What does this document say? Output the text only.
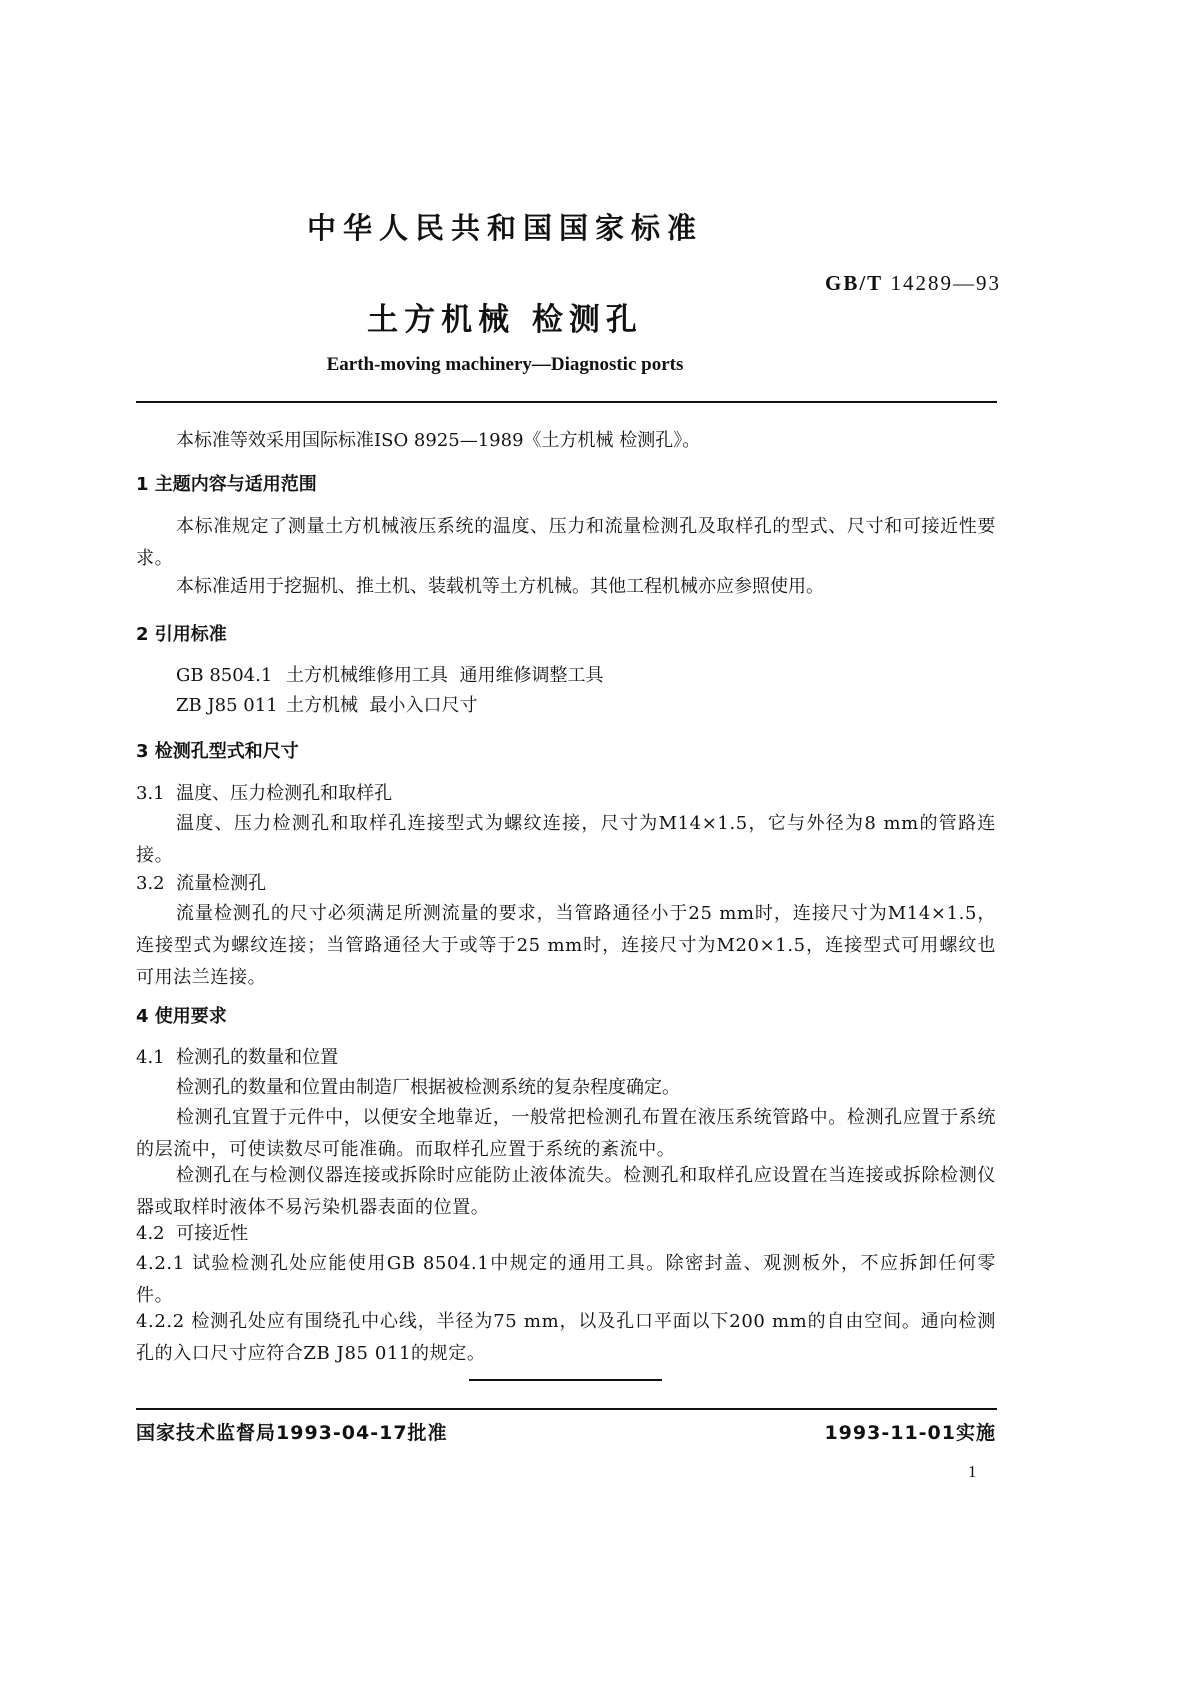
中华人民共和国国家标准
GB/T 14289—93
土方机械 检测孔
Earth-moving machinery—Diagnostic ports
本标准等效采用国际标准ISO 8925—1989《土方机械 检测孔》。
1 主题内容与适用范围
本标准规定了测量土方机械液压系统的温度、压力和流量检测孔及取样孔的型式、尺寸和可接近性要求。
本标准适用于挖掘机、推土机、装载机等土方机械。其他工程机械亦应参照使用。
2 引用标准
GB 8504.1 土方机械维修用工具  通用维修调整工具
ZB J85 011 土方机械  最小入口尺寸
3 检测孔型式和尺寸
3.1  温度、压力检测孔和取样孔
温度、压力检测孔和取样孔连接型式为螺纹连接，尺寸为M14×1.5，它与外径为8 mm的管路连接。
3.2  流量检测孔
流量检测孔的尺寸必须满足所测流量的要求，当管路通径小于25 mm时，连接尺寸为M14×1.5，连接型式为螺纹连接；当管路通径大于或等于25 mm时，连接尺寸为M20×1.5，连接型式可用螺纹也可用法兰连接。
4 使用要求
4.1  检测孔的数量和位置
检测孔的数量和位置由制造厂根据被检测系统的复杂程度确定。
检测孔宜置于元件中，以便安全地靠近，一般常把检测孔布置在液压系统管路中。检测孔应置于系统的层流中，可使读数尽可能准确。而取样孔应置于系统的紊流中。
检测孔在与检测仪器连接或拆除时应能防止液体流失。检测孔和取样孔应设置在当连接或拆除检测仪器或取样时液体不易污染机器表面的位置。
4.2  可接近性
4.2.1 试验检测孔处应能使用GB 8504.1中规定的通用工具。除密封盖、观测板外，不应拆卸任何零件。
4.2.2 检测孔处应有围绕孔中心线，半径为75 mm，以及孔口平面以下200 mm的自由空间。通向检测孔的入口尺寸应符合ZB J85 011的规定。
国家技术监督局1993-04-17批准	1993-11-01实施
1
